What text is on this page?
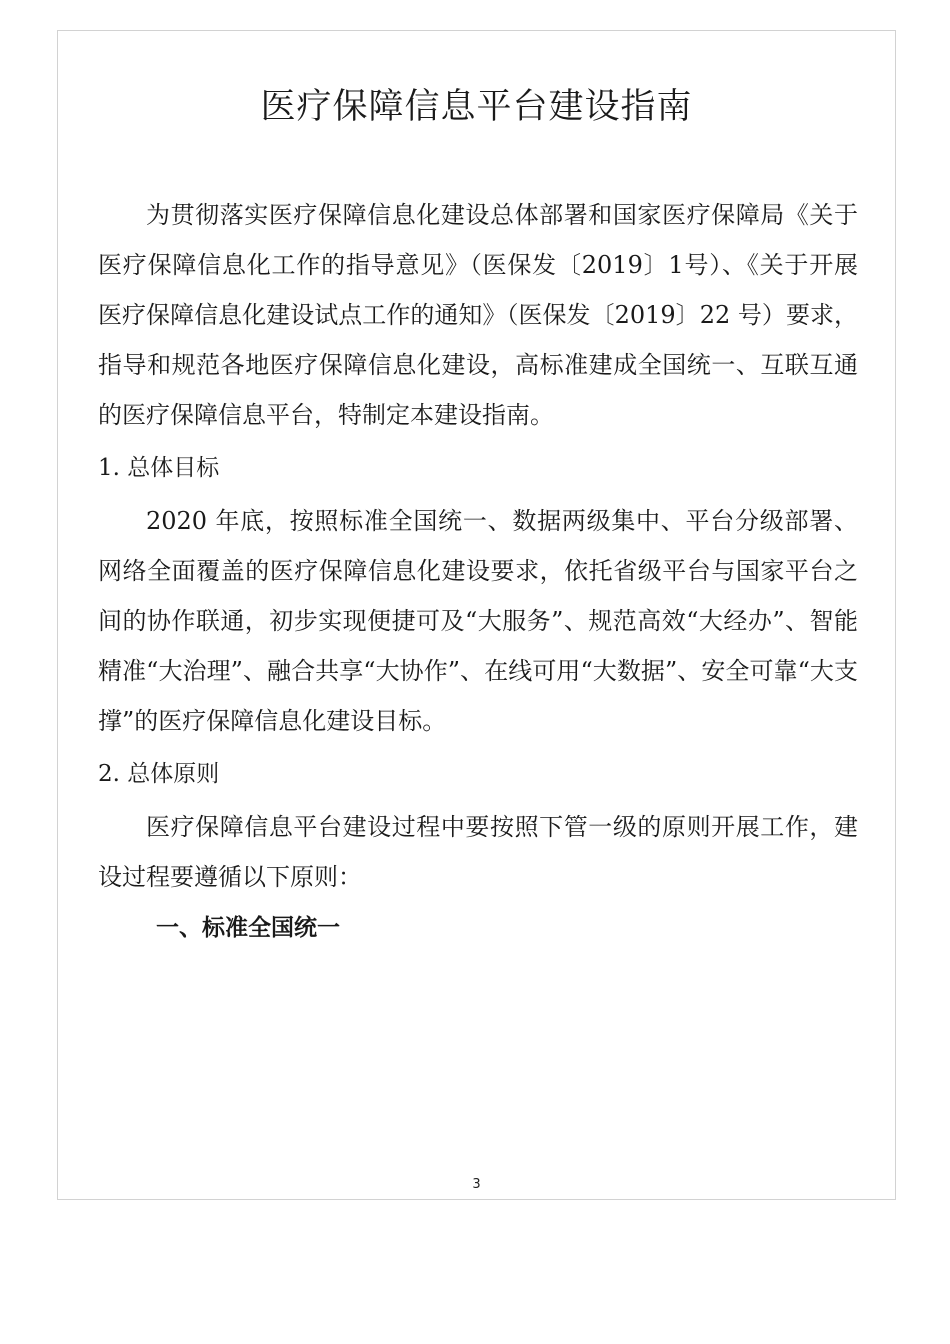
医疗保障信息平台建设指南

为贯彻落实医疗保障信息化建设总体部署和国家医疗保障局《关于医疗保障信息化工作的指导意见》（医保发〔2019〕1号）、《关于开展医疗保障信息化建设试点工作的通知》（医保发〔2019〕22 号）要求，指导和规范各地医疗保障信息化建设，高标准建成全国统一、互联互通的医疗保障信息平台，特制定本建设指南。

1. 总体目标

2020 年底，按照标准全国统一、数据两级集中、平台分级部署、网络全面覆盖的医疗保障信息化建设要求，依托省级平台与国家平台之间的协作联通，初步实现便捷可及“大服务”、规范高效“大经办”、智能精准“大治理”、融合共享“大协作”、在线可用“大数据”、安全可靠“大支撑”的医疗保障信息化建设目标。

2. 总体原则

医疗保障信息平台建设过程中要按照下管一级的原则开展工作，建设过程要遵循以下原则：

一、标准全国统一
3
